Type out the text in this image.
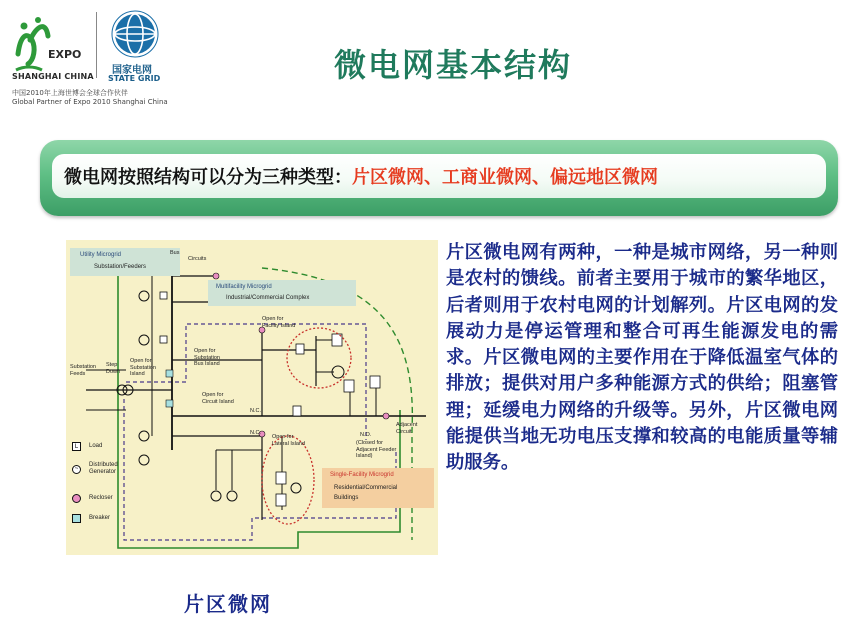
EXPO
SHANGHAI CHINA
国家电网
STATE GRID
中国2010年上海世博会全球合作伙伴
Global Partner of Expo 2010 Shanghai China
微电网基本结构
微电网按照结构可以分为三种类型： 片区微网、工商业微网、偏远地区微网
Utility Microgrid
Substation/Feeders
Multifacility Microgrid
Industrial/Commercial Complex
Single-Facility Microgrid
Residential/Commercial
Buildings
Bus
Circuits
Substation
Feeds
Step
Down
Open for
Substation
Island
Open for
Substation
Bus Island
Open for
Facility Island
Open for
Circuit Island
Open for
Lateral Island
N.C.
N.C.	N.O.
(Closed for
Adjacent Feeder
Island)
Adjacent
Circuit
L	Load
~
Distributed
Generator
Recloser
Breaker
片区微电网有两种，一种是城市网络，另一种则是农村的馈线。前者主要用于城市的繁华地区，后者则用于农村电网的计划解列。片区电网的发展动力是停运管理和整合可再生能源发电的需求。片区微电网的主要作用在于降低温室气体的排放；提供对用户多种能源方式的供给；阻塞管理；延缓电力网络的升级等。另外，片区微电网能提供当地无功电压支撑和较高的电能质量等辅助服务。
片区微网
